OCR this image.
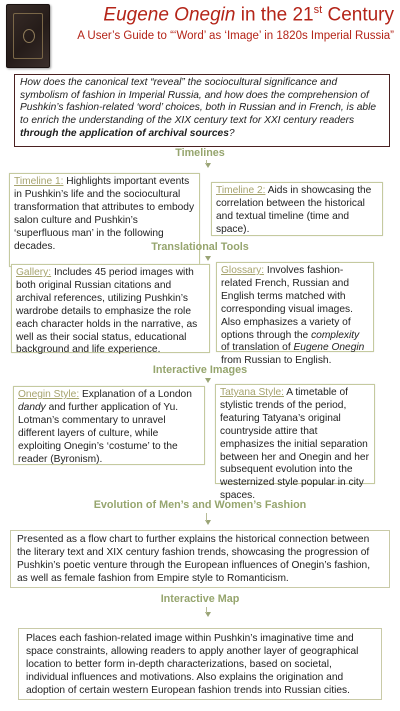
Eugene Onegin in the 21st Century
A User’s Guide to “‘Word’ as ‘Image’ in 1820s Imperial Russia”
How does the canonical text “reveal” the sociocultural significance and symbolism of fashion in Imperial Russia, and how does the comprehension of Pushkin’s fashion-related ‘word’ choices, both in Russian and in French, is able to enrich the understanding of the XIX century text for XXI century readers through the application of archival sources?
Timelines
Timeline 1: Highlights important events in Pushkin’s life and the sociocultural transformation that attributes to embody salon culture and Pushkin’s ‘superfluous man’ in the following decades.
Timeline 2: Aids in showcasing the correlation between the historical and textual timeline (time and space).
Translational Tools
Gallery: Includes 45 period images with both original Russian citations and archival references, utilizing Pushkin’s wardrobe details to emphasize the role each character holds in the narrative, as well as their social status, educational background and life experience.
Glossary: Involves fashion-related French, Russian and English terms matched with corresponding visual images. Also emphasizes a variety of options through the complexity of translation of Eugene Onegin from Russian to English.
Interactive Images
Onegin Style: Explanation of a London dandy and further application of Yu. Lotman’s commentary to unravel different layers of culture, while exploiting Onegin’s ‘costume’ to the reader (Byronism).
Tatyana Style: A timetable of stylistic trends of the period, featuring Tatyana’s original countryside attire that emphasizes the initial separation between her and Onegin and her subsequent evolution into the westernized style popular in city spaces.
Evolution of Men’s and Women’s Fashion
Presented as a flow chart to further explains the historical connection between the literary text and XIX century fashion trends, showcasing the progression of Pushkin’s poetic venture through the European influences of Onegin’s fashion, as well as female fashion from Empire style to Romanticism.
Interactive Map
Places each fashion-related image within Pushkin’s imaginative time and space constraints, allowing readers to apply another layer of geographical location to better form in-depth characterizations, based on societal, individual influences and motivations. Also explains the origination and adoption of certain western European fashion trends into Russian cities.
